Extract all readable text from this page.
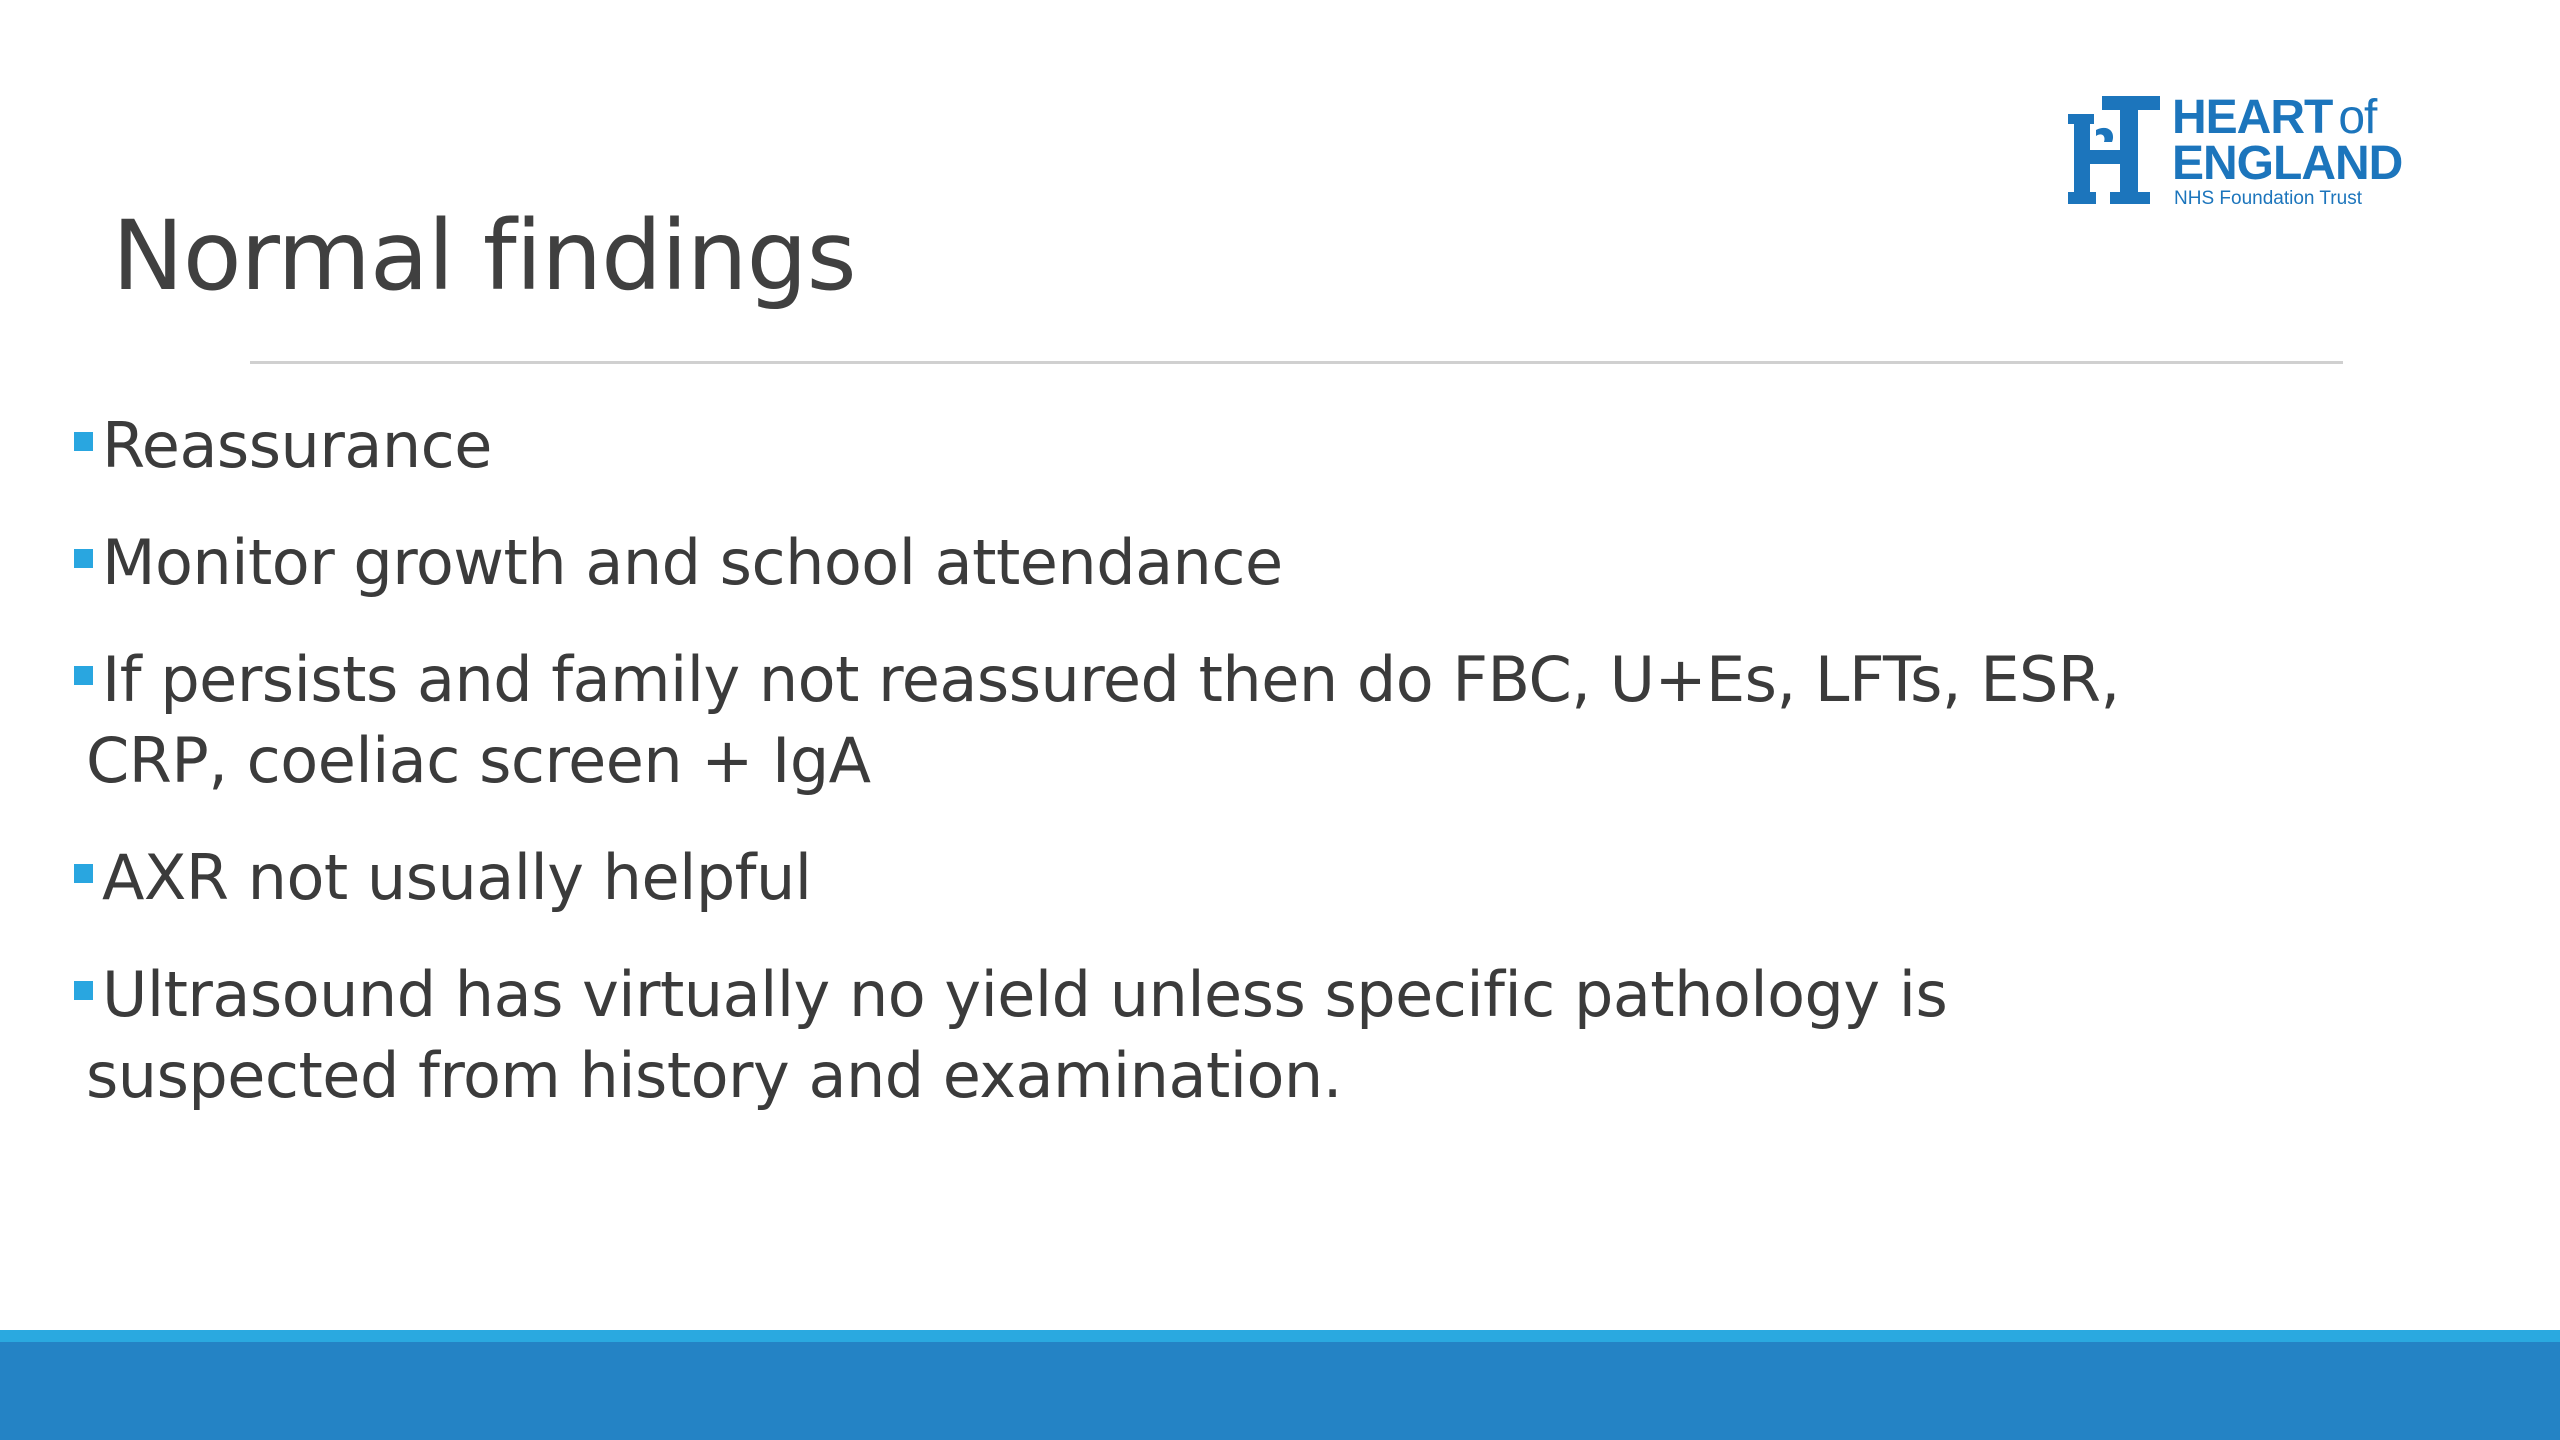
HEART of
ENGLAND
NHS Foundation Trust
Normal findings
Reassurance
Monitor growth and school attendance
If persists and family not reassured then do FBC, U+Es, LFTs, ESR, CRP, coeliac screen + IgA
AXR not usually helpful
Ultrasound has virtually no yield unless specific pathology is suspected from history and examination.
